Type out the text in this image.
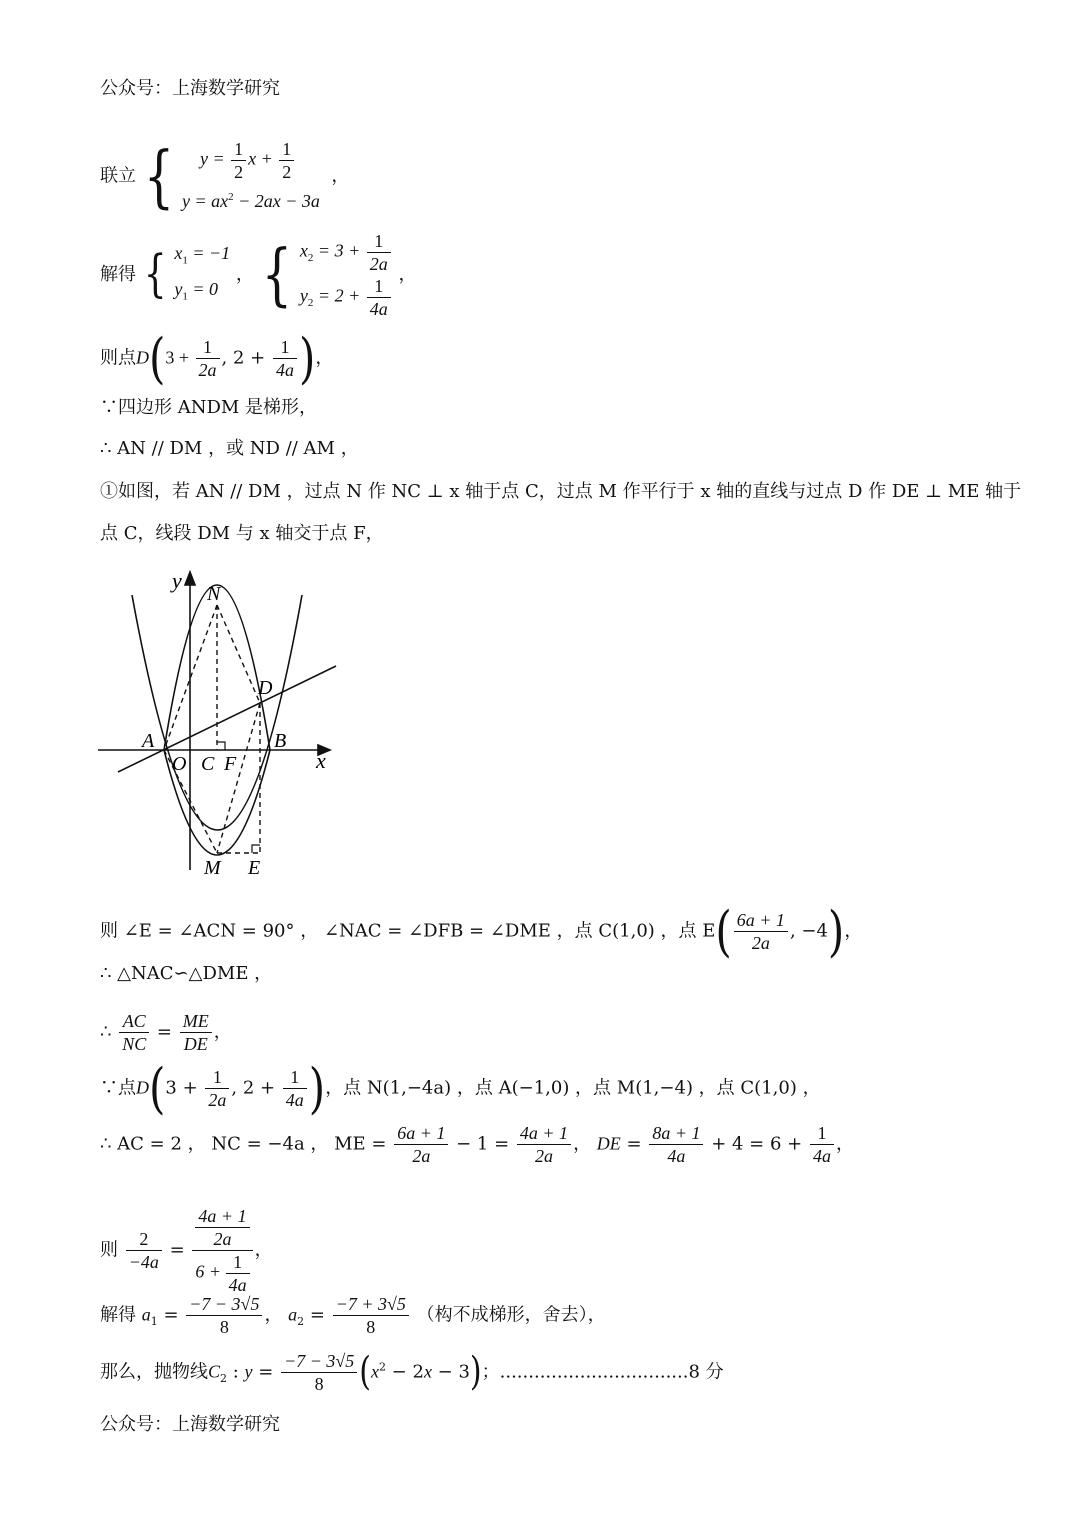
公众号：上海数学研究
联立 { $y = \frac{1}{2}$ $x + \frac{1}{2}$
$y = ax^2 - 2ax - 3a$
，
解得 { $x_1 = -1$
$y_1 = 0$
， { $x_2 = 3 + \frac{1}{2a}$
$y_2 = 2 + \frac{1}{4a}$
，
则点$D(3 + \frac{1}{2a}$ , $2 + \frac{1}{4a}$ )，
∵四边形 ANDM 是梯形，
∴ AN // DM ，或 ND // AM ，
①如图，若 AN // DM ，过点 N 作 NC ⊥ x 轴于点 C，过点 M 作平行于 x 轴的直线与过点 D 作 DE ⊥ ME 轴于
点 C，线段 DM 与 x 轴交于点 F，
y
N
D
A	B
O C F	x
M E
则 ∠E = ∠ACN = 90° ， ∠NAC = ∠DFB = ∠DME ，点 C(1,0) ，点 $E( \frac{6a + 1}{2a}$ , −4)，
∴ △NAC∽△DME ，
∴ $\frac{AC}{NC} = \frac{ME}{DE}$ ，
∵点$D(3 + \frac{1}{2a}$ , $2 + \frac{1}{4a}$ )，点 N(1,−4a) ，点 A(−1,0) ，点 M(1,−4) ，点 C(1,0) ，
∴ AC = 2 ， NC = −4a ， ME = $\frac{6a + 1}{2a} - 1 = \frac{4a + 1}{2a}$ ， DE = $\frac{8a + 1}{4a} + 4 = 6 + \frac{1}{4a}$ ，
则 $\frac{2}{-4a} = \frac{\frac{4a + 1}{2a}}{6 + \frac{1}{4a}}$ ，
解得 $a_1 = \frac{-7 - 3√5}{8}$ ， $a_2 = \frac{-7 + 3√5}{8}$ （构不成梯形，舍去），
那么，抛物线$C_2$ : $y = \frac{-7 - 3√5}{8} (x^2 - 2x - 3)$；.................................8 分
公众号：上海数学研究
